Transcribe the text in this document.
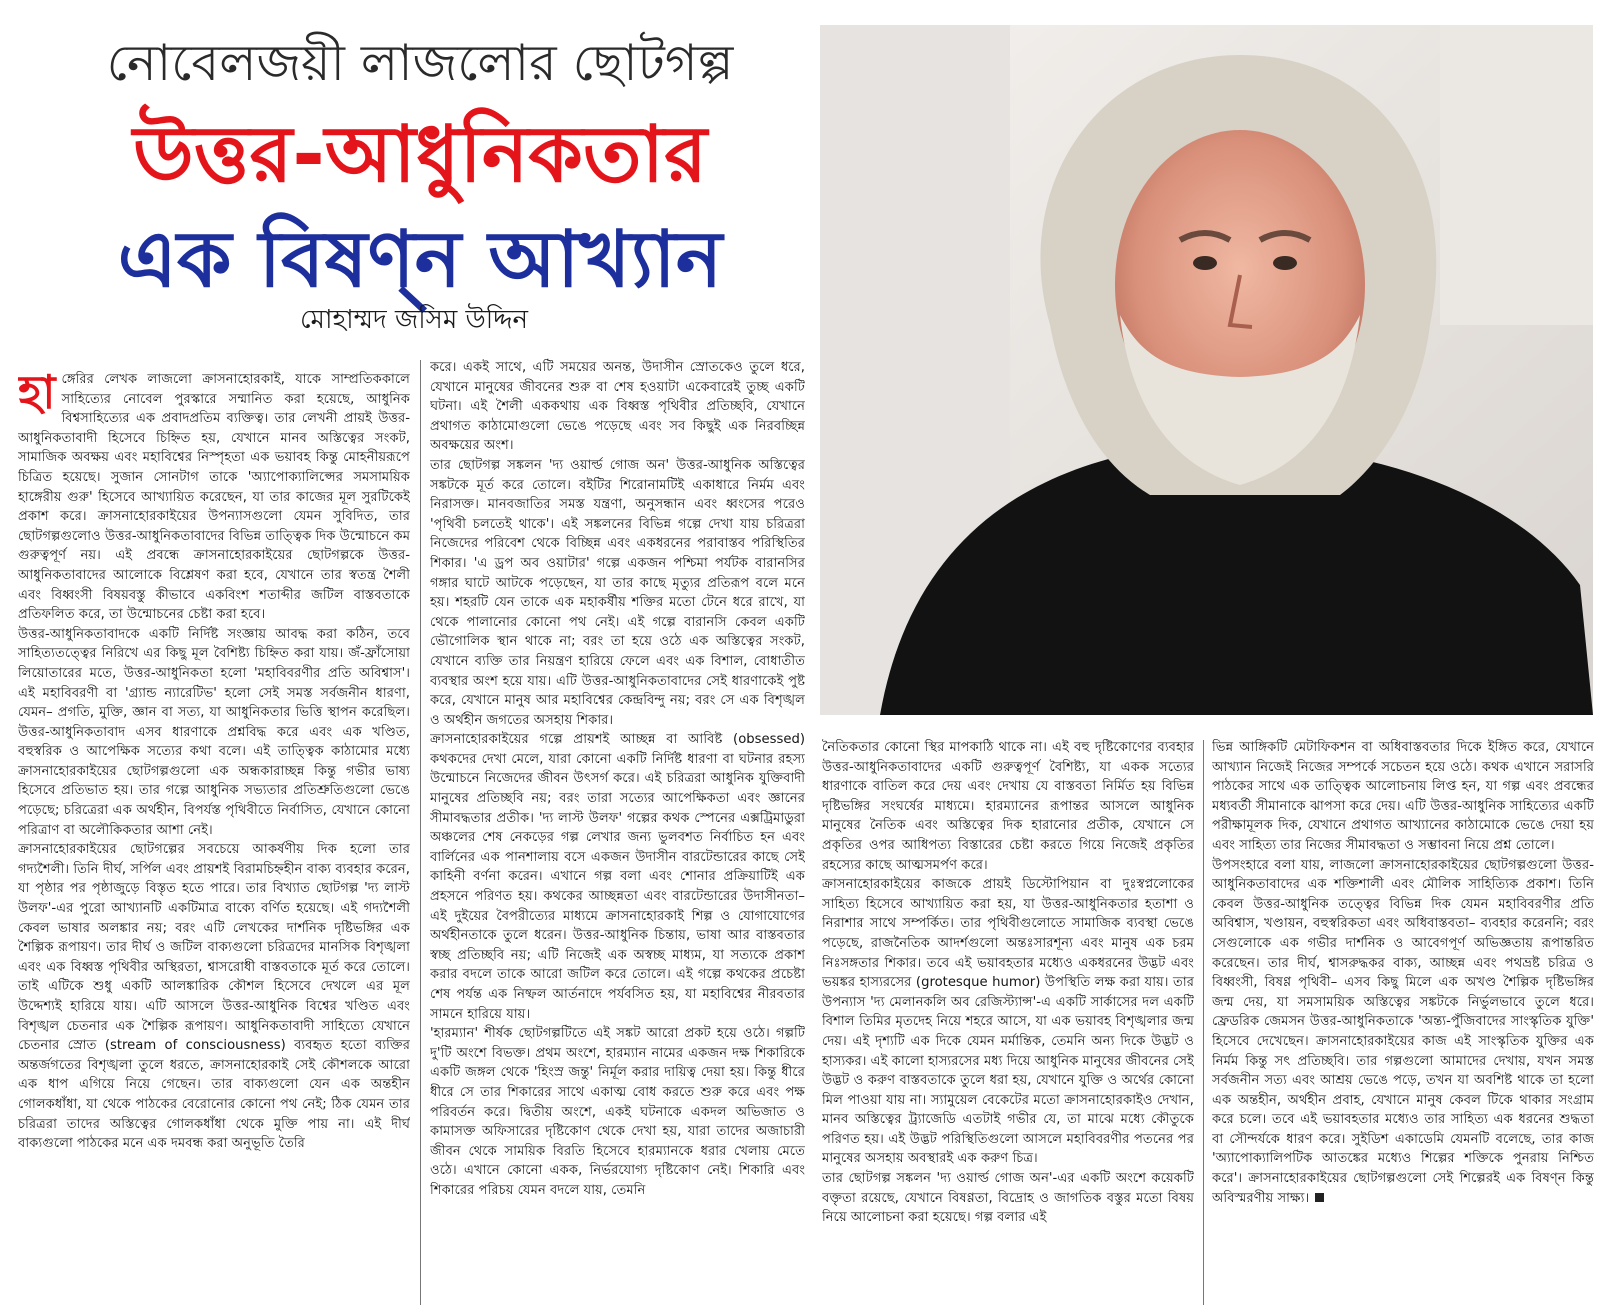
নোবেলজয়ী লাজলোর ছোটগল্প
উত্তর-আধুনিকতার
এক বিষণ্ন আখ্যান
মোহাম্মদ জসিম উদ্দিন

হাঙ্গেরির লেখক লাজলো ক্রাসনাহোরকাই, যাকে সাম্প্রতিককালে সাহিত্যের নোবেল পুরস্কারে সম্মানিত করা হয়েছে, আধুনিক বিশ্বসাহিত্যের এক প্রবাদপ্রতিম ব্যক্তিত্ব। তার লেখনী প্রায়ই উত্তর-আধুনিকতাবাদী হিসেবে চিহ্নিত হয়, যেখানে মানব অস্তিত্বের সংকট, সামাজিক অবক্ষয় এবং মহাবিশ্বের নিস্পৃহতা এক ভয়াবহ কিন্তু মোহনীয়রূপে চিত্রিত হয়েছে। সুজান সোনটাগ তাকে 'অ্যাপোক্যালিপ্সের সমসাময়িক হাঙ্গেরীয় গুরু' হিসেবে আখ্যায়িত করেছেন, যা তার কাজের মূল সুরটিকেই প্রকাশ করে। ক্রাসনাহোরকাইয়ের উপন্যাসগুলো যেমন সুবিদিত, তার ছোটগল্পগুলোও উত্তর-আধুনিকতাবাদের বিভিন্ন তাত্ত্বিক দিক উন্মোচনে কম গুরুত্বপূর্ণ নয়। এই প্রবন্ধে ক্রাসনাহোরকাইয়ের ছোটগল্পকে উত্তর-আধুনিকতাবাদের আলোকে বিশ্লেষণ করা হবে, যেখানে তার স্বতন্ত্র শৈলী এবং বিধ্বংসী বিষয়বস্তু কীভাবে একবিংশ শতাব্দীর জটিল বাস্তবতাকে প্রতিফলিত করে, তা উন্মোচনের চেষ্টা করা হবে।

উত্তর-আধুনিকতাবাদকে একটি নির্দিষ্ট সংজ্ঞায় আবদ্ধ করা কঠিন, তবে সাহিত্যতত্ত্বের নিরিখে এর কিছু মূল বৈশিষ্ট্য চিহ্নিত করা যায়। জঁ-ফ্রাঁসোয়া লিয়োতারের মতে, উত্তর-আধুনিকতা হলো 'মহাবিবরণীর প্রতি অবিশ্বাস'। এই মহাবিবরণী বা 'গ্র্যান্ড ন্যারেটিভ' হলো সেই সমস্ত সর্বজনীন ধারণা, যেমন– প্রগতি, মুক্তি, জ্ঞান বা সত্য, যা আধুনিকতার ভিত্তি স্থাপন করেছিল। উত্তর-আধুনিকতাবাদ এসব ধারণাকে প্রশ্নবিদ্ধ করে এবং এক খণ্ডিত, বহুস্বরিক ও আপেক্ষিক সত্যের কথা বলে। এই তাত্ত্বিক কাঠামোর মধ্যে ক্রাসনাহোরকাইয়ের ছোটগল্পগুলো এক অন্ধকারাচ্ছন্ন কিন্তু গভীর ভাষ্য হিসেবে প্রতিভাত হয়। তার গল্পে আধুনিক সভ্যতার প্রতিশ্রুতিগুলো ভেঙে পড়েছে; চরিত্রেরা এক অর্থহীন, বিপর্যস্ত পৃথিবীতে নির্বাসিত, যেখানে কোনো পরিত্রাণ বা অলৌকিকতার আশা নেই।

ক্রাসনাহোরকাইয়ের ছোটগল্পের সবচেয়ে আকর্ষণীয় দিক হলো তার গদ্যশৈলী। তিনি দীর্ঘ, সর্পিল এবং প্রায়শই বিরামচিহ্নহীন বাক্য ব্যবহার করেন, যা পৃষ্ঠার পর পৃষ্ঠাজুড়ে বিস্তৃত হতে পারে। তার বিখ্যাত ছোটগল্প 'দ্য লাস্ট উলফ'-এর পুরো আখ্যানটি একটিমাত্র বাক্যে বর্ণিত হয়েছে। এই গদ্যশৈলী কেবল ভাষার অলঙ্কার নয়; বরং এটি লেখকের দার্শনিক দৃষ্টিভঙ্গির এক শৈল্পিক রূপায়ণ। তার দীর্ঘ ও জটিল বাক্যগুলো চরিত্রদের মানসিক বিশৃঙ্খলা এবং এক বিধ্বস্ত পৃথিবীর অস্থিরতা, শ্বাসরোধী বাস্তবতাকে মূর্ত করে তোলে। তাই এটিকে শুধু একটি আলঙ্কারিক কৌশল হিসেবে দেখলে এর মূল উদ্দেশ্যই হারিয়ে যায়। এটি আসলে উত্তর-আধুনিক বিশ্বের খণ্ডিত এবং বিশৃঙ্খল চেতনার এক শৈল্পিক রূপায়ণ। আধুনিকতাবাদী সাহিত্যে যেখানে চেতনার স্রোত (stream of consciousness) ব্যবহৃত হতো ব্যক্তির অন্তর্জগতের বিশৃঙ্খলা তুলে ধরতে, ক্রাসনাহোরকাই সেই কৌশলকে আরো এক ধাপ এগিয়ে নিয়ে গেছেন। তার বাক্যগুলো যেন এক অন্তহীন গোলকধাঁধা, যা থেকে পাঠকের বেরোনোর কোনো পথ নেই; ঠিক যেমন তার চরিত্ররা তাদের অস্তিত্বের গোলকধাঁধা থেকে মুক্তি পায় না। এই দীর্ঘ বাক্যগুলো পাঠকের মনে এক দমবন্ধ করা অনুভূতি তৈরি

করে। একই সাথে, এটি সময়ের অনন্ত, উদাসীন স্রোতকেও তুলে ধরে, যেখানে মানুষের জীবনের শুরু বা শেষ হওয়াটা একেবারেই তুচ্ছ একটি ঘটনা। এই শৈলী এককথায় এক বিধ্বস্ত পৃথিবীর প্রতিচ্ছবি, যেখানে প্রথাগত কাঠামোগুলো ভেঙে পড়েছে এবং সব কিছুই এক নিরবচ্ছিন্ন অবক্ষয়ের অংশ।

তার ছোটগল্প সঙ্কলন 'দ্য ওয়ার্ল্ড গোজ অন' উত্তর-আধুনিক অস্তিত্বের সঙ্কটকে মূর্ত করে তোলে। বইটির শিরোনামটিই একাধারে নির্মম এবং নিরাসক্ত। মানবজাতির সমস্ত যন্ত্রণা, অনুসন্ধান এবং ধ্বংসের পরেও 'পৃথিবী চলতেই থাকে'। এই সঙ্কলনের বিভিন্ন গল্পে দেখা যায় চরিত্ররা নিজেদের পরিবেশ থেকে বিচ্ছিন্ন এবং একধরনের পরাবাস্তব পরিস্থিতির শিকার। 'এ ড্রপ অব ওয়াটার' গল্পে একজন পশ্চিমা পর্যটক বারানসির গঙ্গার ঘাটে আটকে পড়েছেন, যা তার কাছে মৃত্যুর প্রতিরূপ বলে মনে হয়। শহরটি যেন তাকে এক মহাকর্ষীয় শক্তির মতো টেনে ধরে রাখে, যা থেকে পালানোর কোনো পথ নেই। এই গল্পে বারানসি কেবল একটি ভৌগোলিক স্থান থাকে না; বরং তা হয়ে ওঠে এক অস্তিত্বের সংকট, যেখানে ব্যক্তি তার নিয়ন্ত্রণ হারিয়ে ফেলে এবং এক বিশাল, বোধাতীত ব্যবস্থার অংশ হয়ে যায়। এটি উত্তর-আধুনিকতাবাদের সেই ধারণাকেই পুষ্ট করে, যেখানে মানুষ আর মহাবিশ্বের কেন্দ্রবিন্দু নয়; বরং সে এক বিশৃঙ্খল ও অর্থহীন জগতের অসহায় শিকার।

ক্রাসনাহোরকাইয়ের গল্পে প্রায়শই আচ্ছন্ন বা আবিষ্ট (obsessed) কথকদের দেখা মেলে, যারা কোনো একটি নির্দিষ্ট ধারণা বা ঘটনার রহস্য উন্মোচনে নিজেদের জীবন উৎসর্গ করে। এই চরিত্ররা আধুনিক যুক্তিবাদী মানুষের প্রতিচ্ছবি নয়; বরং তারা সত্যের আপেক্ষিকতা এবং জ্ঞানের সীমাবদ্ধতার প্রতীক। 'দ্য লাস্ট উলফ' গল্পের কথক স্পেনের এক্সট্রিমাডুরা অঞ্চলের শেষ নেকড়ের গল্প লেখার জন্য ভুলবশত নির্বাচিত হন এবং বার্লিনের এক পানশালায় বসে একজন উদাসীন বারটেন্ডারের কাছে সেই কাহিনী বর্ণনা করেন। এখানে গল্প বলা এবং শোনার প্রক্রিয়াটিই এক প্রহসনে পরিণত হয়। কথকের আচ্ছন্নতা এবং বারটেন্ডারের উদাসীনতা– এই দুইয়ের বৈপরীত্যের মাধ্যমে ক্রাসনাহোরকাই শিল্প ও যোগাযোগের অর্থহীনতাকে তুলে ধরেন। উত্তর-আধুনিক চিন্তায়, ভাষা আর বাস্তবতার স্বচ্ছ প্রতিচ্ছবি নয়; এটি নিজেই এক অস্বচ্ছ মাধ্যম, যা সত্যকে প্রকাশ করার বদলে তাকে আরো জটিল করে তোলে। এই গল্পে কথকের প্রচেষ্টা শেষ পর্যন্ত এক নিষ্ফল আর্তনাদে পর্যবসিত হয়, যা মহাবিশ্বের নীরবতার সামনে হারিয়ে যায়।

'হারম্যান' শীর্ষক ছোটগল্পটিতে এই সঙ্কট আরো প্রকট হয়ে ওঠে। গল্পটি দু'টি অংশে বিভক্ত। প্রথম অংশে, হারম্যান নামের একজন দক্ষ শিকারিকে একটি জঙ্গল থেকে 'হিংস্র জন্তু' নির্মূল করার দায়িত্ব দেয়া হয়। কিন্তু ধীরে ধীরে সে তার শিকারের সাথে একাত্ম বোধ করতে শুরু করে এবং পক্ষ পরিবর্তন করে। দ্বিতীয় অংশে, একই ঘটনাকে একদল অভিজাত ও কামাসক্ত অফিসারের দৃষ্টিকোণ থেকে দেখা হয়, যারা তাদের অজাচারী জীবন থেকে সাময়িক বিরতি হিসেবে হারম্যানকে ধরার খেলায় মেতে ওঠে। এখানে কোনো একক, নির্ভরযোগ্য দৃষ্টিকোণ নেই। শিকারি এবং শিকারের পরিচয় যেমন বদলে যায়, তেমনি

নৈতিকতার কোনো স্থির মাপকাঠি থাকে না। এই বহু দৃষ্টিকোণের ব্যবহার উত্তর-আধুনিকতাবাদের একটি গুরুত্বপূর্ণ বৈশিষ্ট্য, যা একক সত্যের ধারণাকে বাতিল করে দেয় এবং দেখায় যে বাস্তবতা নির্মিত হয় বিভিন্ন দৃষ্টিভঙ্গির সংঘর্ষের মাধ্যমে। হারম্যানের রূপান্তর আসলে আধুনিক মানুষের নৈতিক এবং অস্তিত্বের দিক হারানোর প্রতীক, যেখানে সে প্রকৃতির ওপর আধিপত্য বিস্তারের চেষ্টা করতে গিয়ে নিজেই প্রকৃতির রহস্যের কাছে আত্মসমর্পণ করে।

ক্রাসনাহোরকাইয়ের কাজকে প্রায়ই ডিস্টোপিয়ান বা দুঃস্বপ্নলোকের সাহিত্য হিসেবে আখ্যায়িত করা হয়, যা উত্তর-আধুনিকতার হতাশা ও নিরাশার সাথে সম্পর্কিত। তার পৃথিবীগুলোতে সামাজিক ব্যবস্থা ভেঙে পড়েছে, রাজনৈতিক আদর্শগুলো অন্তঃসারশূন্য এবং মানুষ এক চরম নিঃসঙ্গতার শিকার। তবে এই ভয়াবহতার মধ্যেও একধরনের উদ্ভট এবং ভয়ঙ্কর হাস্যরসের (grotesque humor) উপস্থিতি লক্ষ করা যায়। তার উপন্যাস 'দ্য মেলানকলি অব রেজিস্ট্যান্স'-এ একটি সার্কাসের দল একটি বিশাল তিমির মৃতদেহ নিয়ে শহরে আসে, যা এক ভয়াবহ বিশৃঙ্খলার জন্ম দেয়। এই দৃশ্যটি এক দিকে যেমন মর্মান্তিক, তেমনি অন্য দিকে উদ্ভট ও হাস্যকর। এই কালো হাস্যরসের মধ্য দিয়ে আধুনিক মানুষের জীবনের সেই উদ্ভট ও করুণ বাস্তবতাকে তুলে ধরা হয়, যেখানে যুক্তি ও অর্থের কোনো মিল পাওয়া যায় না। স্যামুয়েল বেকেটের মতো ক্রাসনাহোরকাইও দেখান, মানব অস্তিত্বের ট্র্যাজেডি এতটাই গভীর যে, তা মাঝে মধ্যে কৌতুকে পরিণত হয়। এই উদ্ভট পরিস্থিতিগুলো আসলে মহাবিবরণীর পতনের পর মানুষের অসহায় অবস্থারই এক করুণ চিত্র।

তার ছোটগল্প সঙ্কলন 'দ্য ওয়ার্ল্ড গোজ অন'-এর একটি অংশে কয়েকটি বক্তৃতা রয়েছে, যেখানে বিষণ্ণতা, বিদ্রোহ ও জাগতিক বস্তুর মতো বিষয় নিয়ে আলোচনা করা হয়েছে। গল্প বলার এই

ভিন্ন আঙ্গিকটি মেটাফিকশন বা অধিবাস্তবতার দিকে ইঙ্গিত করে, যেখানে আখ্যান নিজেই নিজের সম্পর্কে সচেতন হয়ে ওঠে। কথক এখানে সরাসরি পাঠকের সাথে এক তাত্ত্বিক আলোচনায় লিপ্ত হন, যা গল্প এবং প্রবন্ধের মধ্যবর্তী সীমানাকে ঝাপসা করে দেয়। এটি উত্তর-আধুনিক সাহিত্যের একটি পরীক্ষামূলক দিক, যেখানে প্রথাগত আখ্যানের কাঠামোকে ভেঙে দেয়া হয় এবং সাহিত্য তার নিজের সীমাবদ্ধতা ও সম্ভাবনা নিয়ে প্রশ্ন তোলে।

উপসংহারে বলা যায়, লাজলো ক্রাসনাহোরকাইয়ের ছোটগল্পগুলো উত্তর-আধুনিকতাবাদের এক শক্তিশালী এবং মৌলিক সাহিত্যিক প্রকাশ। তিনি কেবল উত্তর-আধুনিক তত্ত্বের বিভিন্ন দিক যেমন মহাবিবরণীর প্রতি অবিশ্বাস, খণ্ডায়ন, বহুস্বরিকতা এবং অধিবাস্তবতা– ব্যবহার করেননি; বরং সেগুলোকে এক গভীর দার্শনিক ও আবেগপূর্ণ অভিজ্ঞতায় রূপান্তরিত করেছেন। তার দীর্ঘ, শ্বাসরুদ্ধকর বাক্য, আচ্ছন্ন এবং পথভ্রষ্ট চরিত্র ও বিধ্বংসী, বিষণ্ণ পৃথিবী– এসব কিছু মিলে এক অখণ্ড শৈল্পিক দৃষ্টিভঙ্গির জন্ম দেয়, যা সমসাময়িক অস্তিত্বের সঙ্কটকে নির্ভুলভাবে তুলে ধরে। ফ্রেডরিক জেমসন উত্তর-আধুনিকতাকে 'অন্ত্য-পুঁজিবাদের সাংস্কৃতিক যুক্তি' হিসেবে দেখেছেন। ক্রাসনাহোরকাইয়ের কাজ এই সাংস্কৃতিক যুক্তির এক নির্মম কিন্তু সৎ প্রতিচ্ছবি। তার গল্পগুলো আমাদের দেখায়, যখন সমস্ত সর্বজনীন সত্য এবং আশ্রয় ভেঙে পড়ে, তখন যা অবশিষ্ট থাকে তা হলো এক অন্তহীন, অর্থহীন প্রবাহ, যেখানে মানুষ কেবল টিকে থাকার সংগ্রাম করে চলে। তবে এই ভয়াবহতার মধ্যেও তার সাহিত্য এক ধরনের শুদ্ধতা বা সৌন্দর্যকে ধারণ করে। সুইডিশ একাডেমি যেমনটি বলেছে, তার কাজ 'অ্যাপোক্যালিপটিক আতঙ্কের মধ্যেও শিল্পের শক্তিকে পুনরায় নিশ্চিত করে'। ক্রাসনাহোরকাইয়ের ছোটগল্পগুলো সেই শিল্পেরই এক বিষণ্ন কিন্তু অবিস্মরণীয় সাক্ষ্য।
